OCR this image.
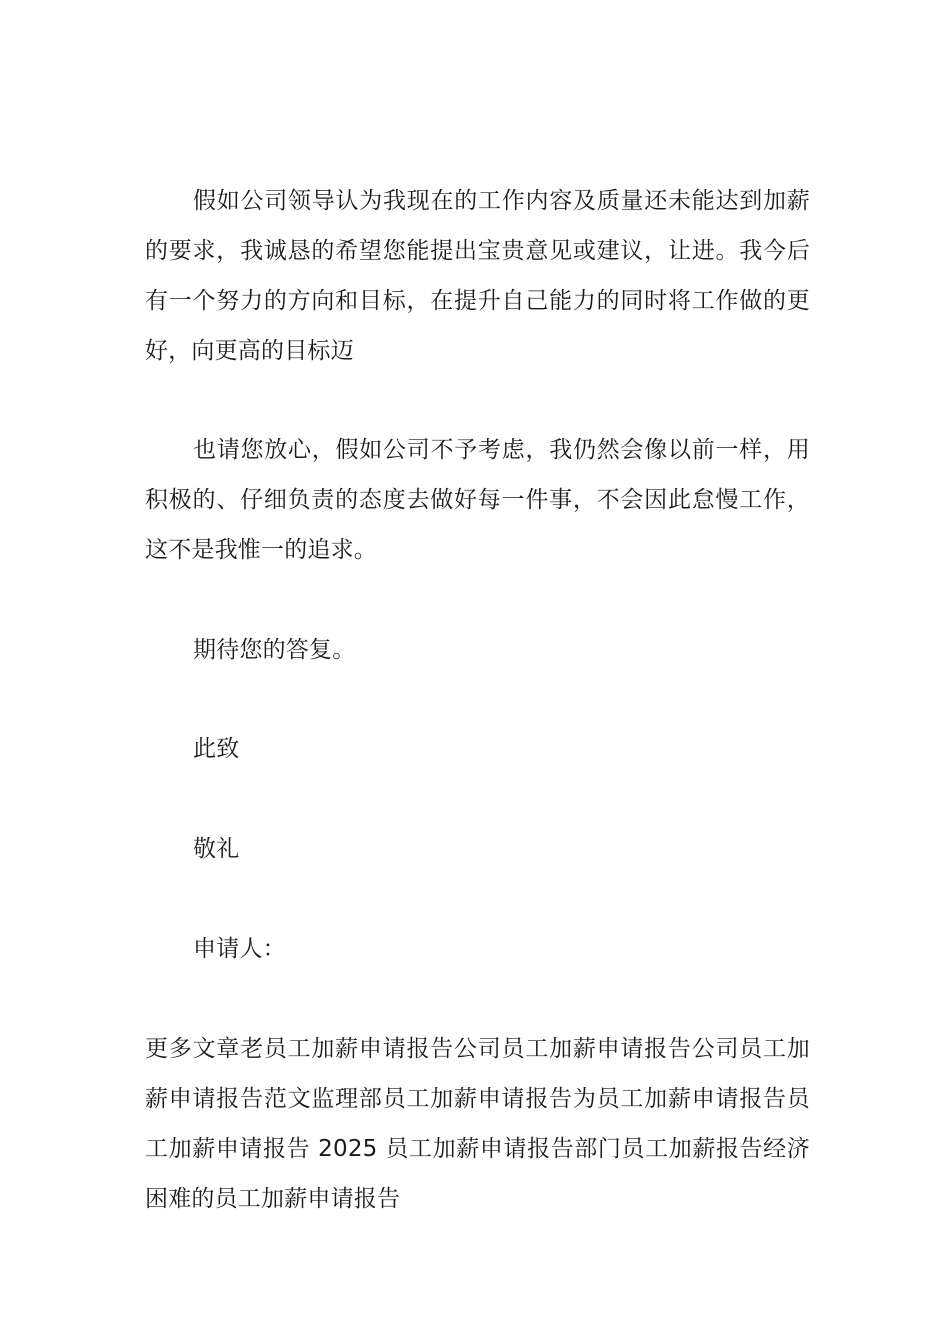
假如公司领导认为我现在的工作内容及质量还未能达到加薪的要求，我诚恳的希望您能提出宝贵意见或建议，让进。我今后有一个努力的方向和目标，在提升自己能力的同时将工作做的更好，向更高的目标迈

也请您放心，假如公司不予考虑，我仍然会像以前一样，用积极的、仔细负责的态度去做好每一件事，不会因此怠慢工作，这不是我惟一的追求。

期待您的答复。

此致

敬礼

申请人：

更多文章老员工加薪申请报告公司员工加薪申请报告公司员工加薪申请报告范文监理部员工加薪申请报告为员工加薪申请报告员工加薪申请报告 2025 员工加薪申请报告部门员工加薪报告经济困难的员工加薪申请报告
